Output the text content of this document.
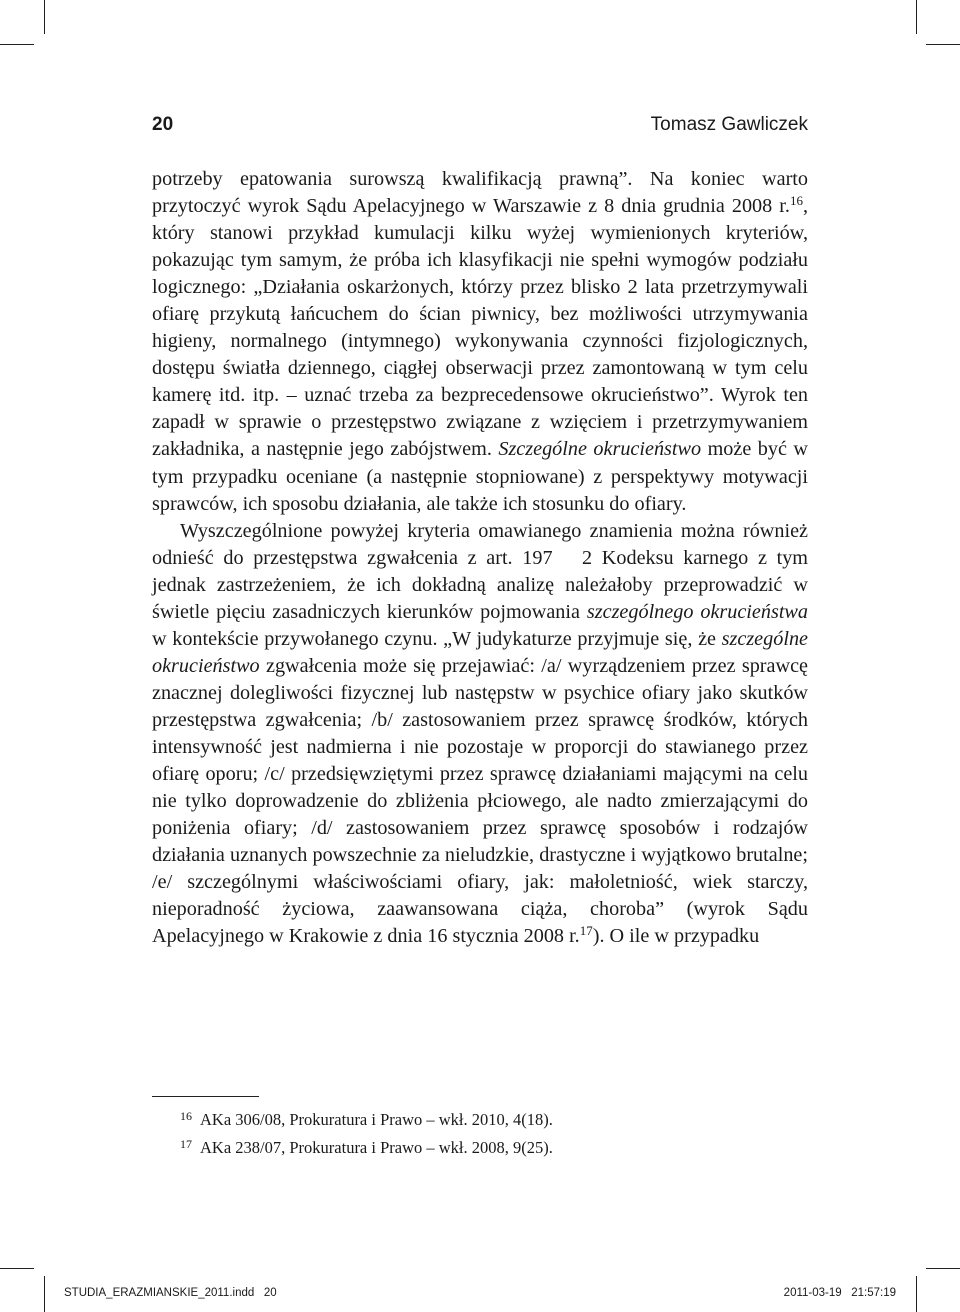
20	Tomasz Gawliczek

potrzeby epatowania surowszą kwalifikacją prawną”. Na koniec warto przytoczyć wyrok Sądu Apelacyjnego w Warszawie z 8 dnia grudnia 2008 r.$^{16}$, który stanowi przykład kumulacji kilku wyżej wymienionych kryteriów, pokazując tym samym, że próba ich klasyfikacji nie spełni wymogów podziału logicznego: „Działania oskarżonych, którzy przez blisko 2 lata przetrzymywali ofiarę przykutą łańcuchem do ścian piwnicy, bez możliwości utrzymywania higieny, normalnego (intymnego) wykonywania czynności fizjologicznych, dostępu światła dziennego, ciągłej obserwacji przez zamontowaną w tym celu kamerę itd. itp. – uznać trzeba za bezprecedensowe okrucieństwo”. Wyrok ten zapadł w sprawie o przestępstwo związane z wzięciem i przetrzymywaniem zakładnika, a następnie jego zabójstwem. Szczególne okrucieństwo może być w tym przypadku oceniane (a następnie stopniowane) z perspektywy motywacji sprawców, ich sposobu działania, ale także ich stosunku do ofiary.

Wyszczególnione powyżej kryteria omawianego znamienia można również odnieść do przestępstwa zgwałcenia z art. 197 § 2 Kodeksu karnego z tym jednak zastrzeżeniem, że ich dokładną analizę należałoby przeprowadzić w świetle pięciu zasadniczych kierunków pojmowania szczególnego okrucieństwa w kontekście przywołanego czynu. „W judykaturze przyjmuje się, że szczególne okrucieństwo zgwałcenia może się przejawiać: /a/ wyrządzeniem przez sprawcę znacznej dolegliwości fizycznej lub następstw w psychice ofiary jako skutków przestępstwa zgwałcenia; /b/ zastosowaniem przez sprawcę środków, których intensywność jest nadmierna i nie pozostaje w proporcji do stawianego przez ofiarę oporu; /c/ przedsięwziętymi przez sprawcę działaniami mającymi na celu nie tylko doprowadzenie do zbliżenia płciowego, ale nadto zmierzającymi do poniżenia ofiary; /d/ zastosowaniem przez sprawcę sposobów i rodzajów działania uznanych powszechnie za nieludzkie, drastyczne i wyjątkowo brutalne; /e/ szczególnymi właściwościami ofiary, jak: małoletniość, wiek starczy, nieporadność życiowa, zaawansowana ciąża, choroba” (wyrok Sądu Apelacyjnego w Krakowie z dnia 16 stycznia 2008 r.$^{17}$). O ile w przypadku

$^{16}$ AKa 306/08, Prokuratura i Prawo – wkł. 2010, 4(18).
$^{17}$ AKa 238/07, Prokuratura i Prawo – wkł. 2008, 9(25).
STUDIA_ERAZMIANSKIE_2011.indd   20	2011-03-19   21:57:19
